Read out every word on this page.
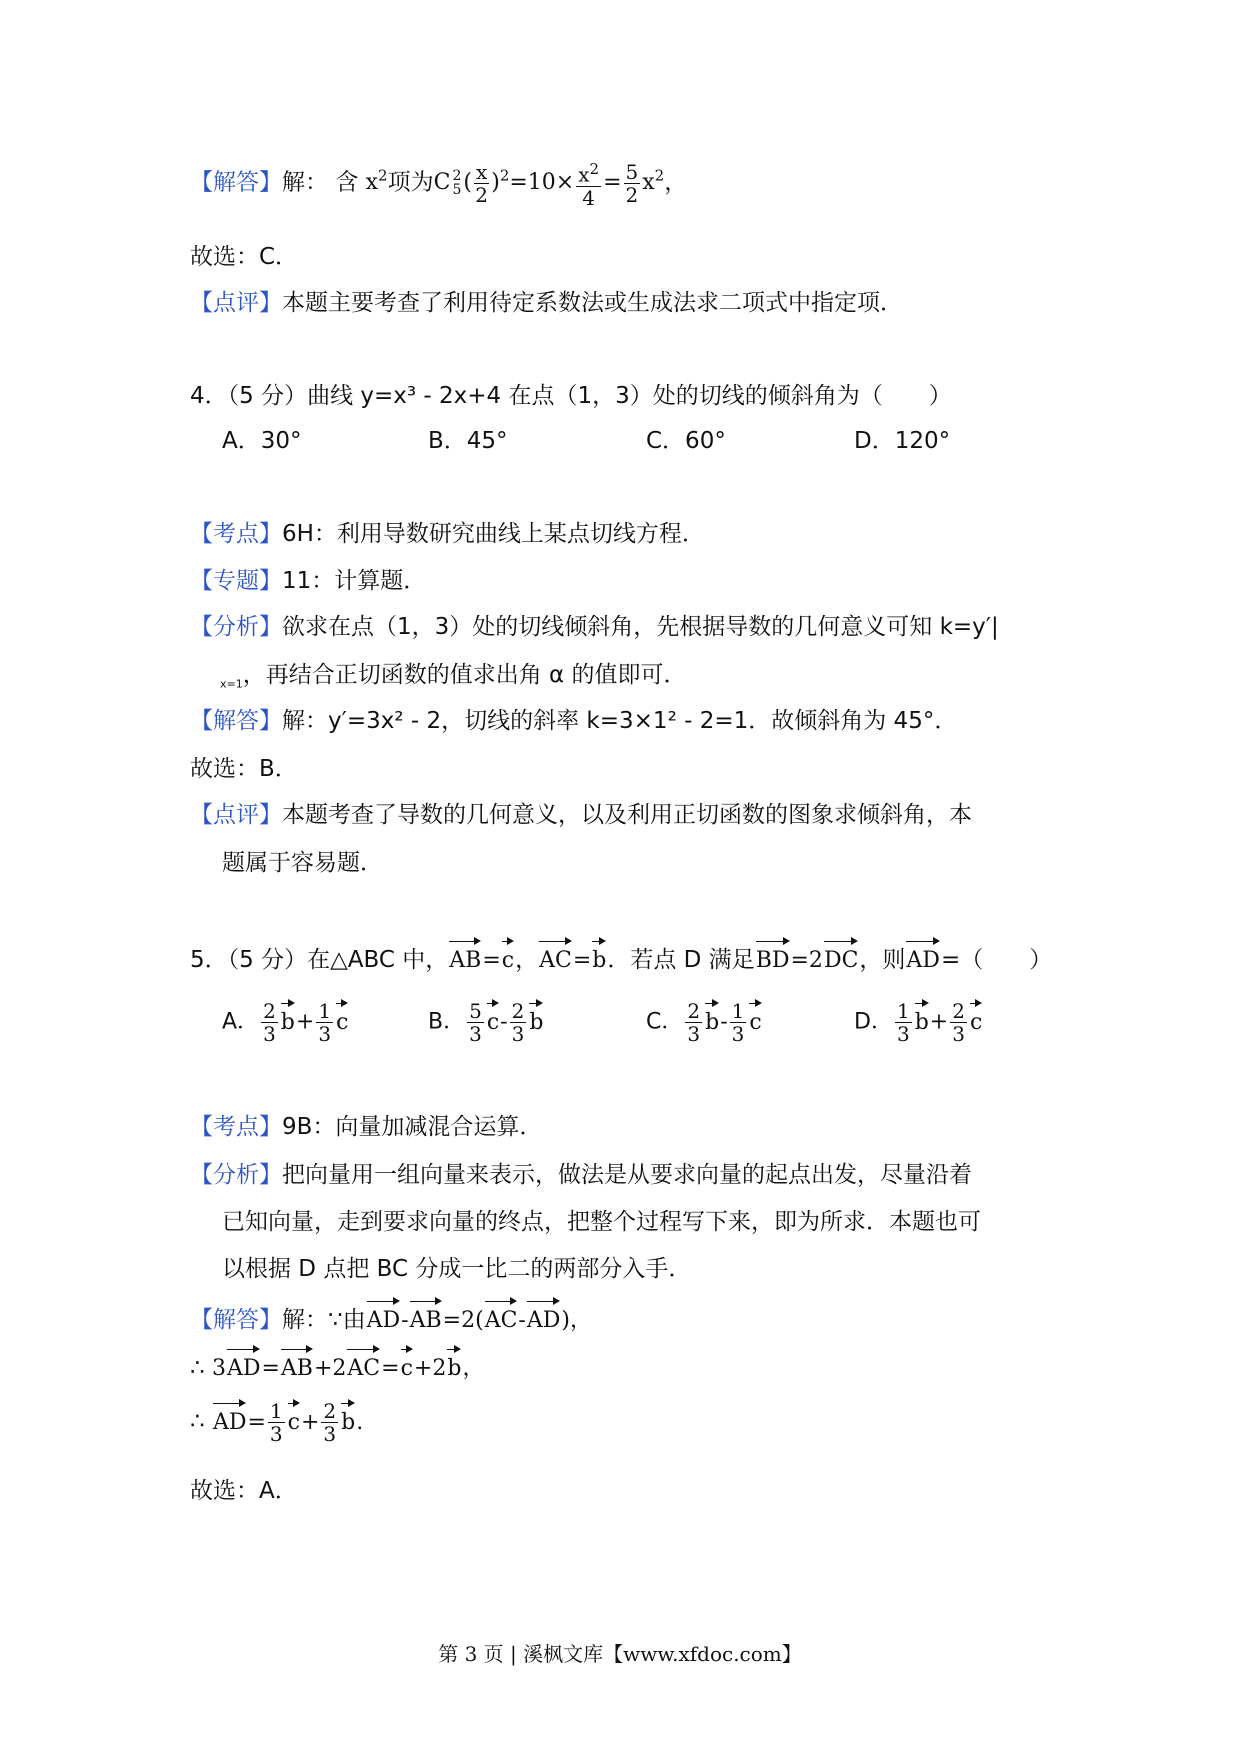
【解答】解： 含 $x^2$项为C 2
5 ( $\frac{x}{2} )^2=10\times \frac{x^2}{4} = \frac{5}{2} x^2$，
故选：C．
【点评】本题主要考查了利用待定系数法或生成法求二项式中指定项．
4．（5 分）曲线 y=x³ ‑ 2x+4 在点（1，3）处的切线的倾斜角为（　　）
A．30°	B．45°	C．60°	D．120°
【考点】6H：利用导数研究曲线上某点切线方程．
【专题】11：计算题．
【分析】欲求在点（1，3）处的切线倾斜角，先根据导数的几何意义可知 k=y′|
$_{x=1}$，再结合正切函数的值求出角 α 的值即可．
【解答】解：y′=3x² ‑ 2，切线的斜率 k=3×1² ‑ 2=1．故倾斜角为 45°．
故选：B．
【点评】本题考查了导数的几何意义，以及利用正切函数的图象求倾斜角，本
题属于容易题．
5．（5 分）在△ABC 中，AB=c，AC=b．若点 D 满足BD=2DC，则AD=（　　）
A． $\frac{2}{3} b+ \frac{1}{3}$ c	B． $\frac{5}{3}$ c‑ $\frac{2}{3}$ b	C． $\frac{2}{3}$ b‑ $\frac{1}{3}$ c	D． $\frac{1}{3} b+ \frac{2}{3}$ c
【考点】9B：向量加减混合运算．
【分析】把向量用一组向量来表示，做法是从要求向量的起点出发，尽量沿着
已知向量，走到要求向量的终点，把整个过程写下来，即为所求．本题也可
以根据 D 点把 BC 分成一比二的两部分入手．
【解答】解：∵由AD‑AB=2(AC‑AD)，
∴ 3AD=AB+2AC=c+2b，
∴ $AD= \frac{1}{3} c+ \frac{2}{3} b$.
故选：A．
第 3 页 | 溪枫文库【www.xfdoc.com】
